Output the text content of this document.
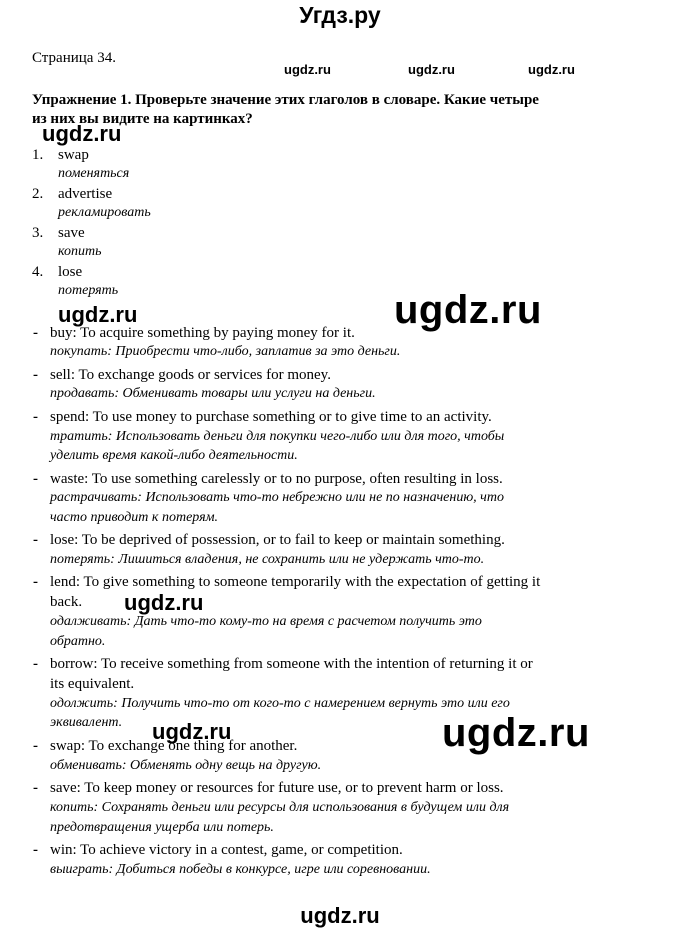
Угдз.ру
Страница 34.
ugdz.ru	ugdz.ru	ugdz.ru
Упражнение 1. Проверьте значение этих глаголов в словаре. Какие четыре
из них вы видите на картинках?
ugdz.ru
1. swap
поменяться
2. advertise
рекламировать
3. save
копить
4. lose
потерять
ugdz.ru	ugdz.ru
- buy: To acquire something by paying money for it.
покупать: Приобрести что-либо, заплатив за это деньги.
- sell: To exchange goods or services for money.
продавать: Обменивать товары или услуги на деньги.
- spend: To use money to purchase something or to give time to an activity.
тратить: Использовать деньги для покупки чего-либо или для того, чтобы
уделить время какой-либо деятельности.
- waste: To use something carelessly or to no purpose, often resulting in loss.
растрачивать: Использовать что-то небрежно или не по назначению, что
часто приводит к потерям.
- lose: To be deprived of possession, or to fail to keep or maintain something.
потерять: Лишиться владения, не сохранить или не удержать что-то.
- lend: To give something to someone temporarily with the expectation of getting it
back. ugdz.ru
одалживать: Дать что-то кому-то на время с расчетом получить это
обратно.
- borrow: To receive something from someone with the intention of returning it or
its equivalent.
одолжить: Получить что-то от кого-то с намерением вернуть это или его
эквивалент. ugdz.ru	ugdz.ru
- swap: To exchange one thing for another.
обменивать: Обменять одну вещь на другую.
- save: To keep money or resources for future use, or to prevent harm or loss.
копить: Сохранять деньги или ресурсы для использования в будущем или для
предотвращения ущерба или потерь.
- win: To achieve victory in a contest, game, or competition.
выиграть: Добиться победы в конкурсе, игре или соревновании.
ugdz.ru
